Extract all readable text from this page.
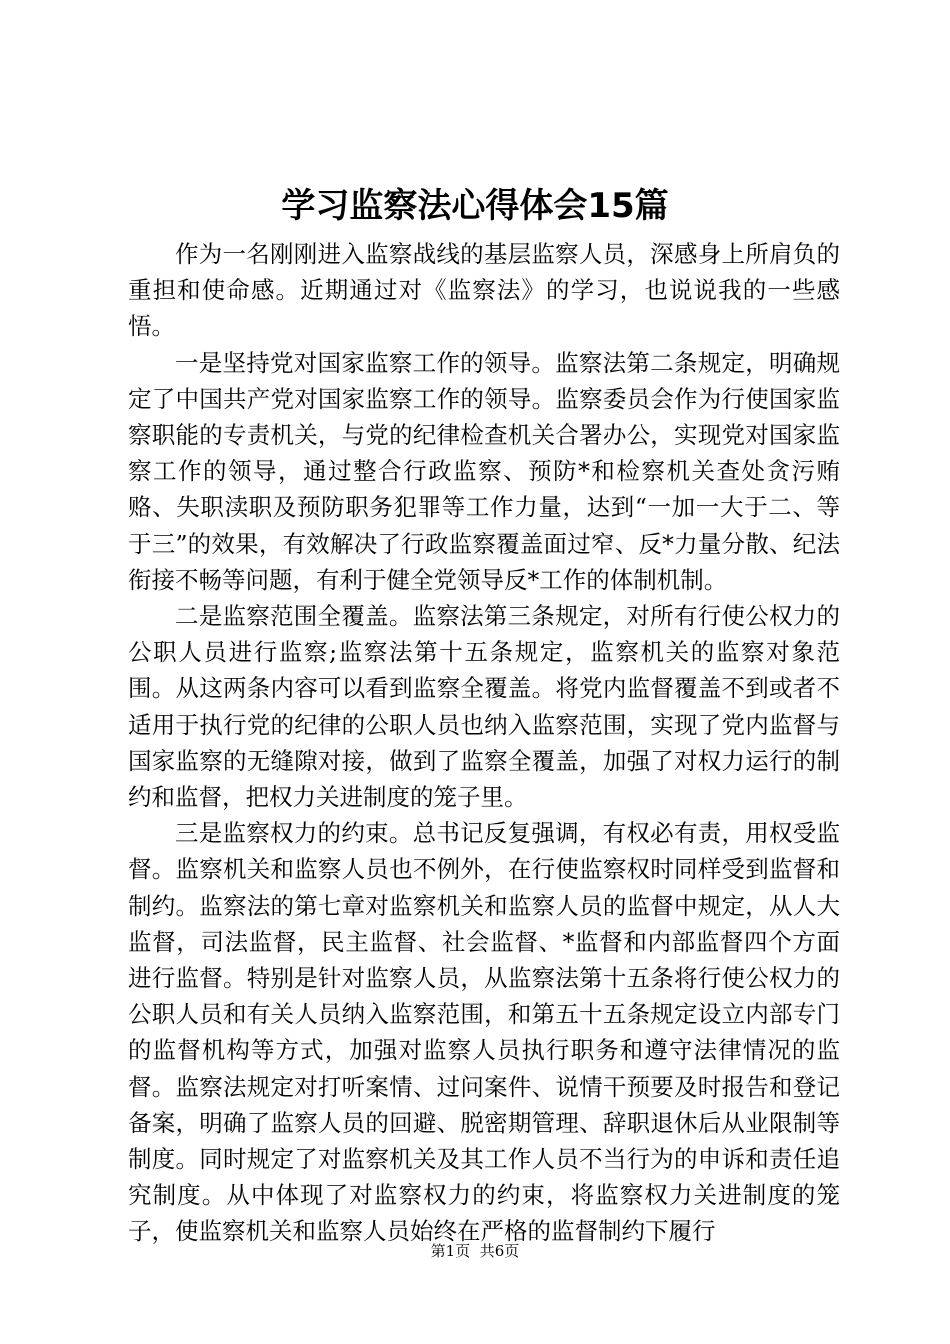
学习监察法心得体会15篇

作为一名刚刚进入监察战线的基层监察人员，深感身上所肩负的重担和使命感。近期通过对《监察法》的学习，也说说我的一些感悟。

一是坚持党对国家监察工作的领导。监察法第二条规定，明确规定了中国共产党对国家监察工作的领导。监察委员会作为行使国家监察职能的专责机关，与党的纪律检查机关合署办公，实现党对国家监察工作的领导，通过整合行政监察、预防*和检察机关查处贪污贿赂、失职渎职及预防职务犯罪等工作力量，达到“一加一大于二、等于三”的效果，有效解决了行政监察覆盖面过窄、反*力量分散、纪法衔接不畅等问题，有利于健全党领导反*工作的体制机制。

二是监察范围全覆盖。监察法第三条规定，对所有行使公权力的公职人员进行监察;监察法第十五条规定，监察机关的监察对象范围。从这两条内容可以看到监察全覆盖。将党内监督覆盖不到或者不适用于执行党的纪律的公职人员也纳入监察范围，实现了党内监督与国家监察的无缝隙对接，做到了监察全覆盖，加强了对权力运行的制约和监督，把权力关进制度的笼子里。

三是监察权力的约束。总书记反复强调，有权必有责，用权受监督。监察机关和监察人员也不例外，在行使监察权时同样受到监督和制约。监察法的第七章对监察机关和监察人员的监督中规定，从人大监督，司法监督，民主监督、社会监督、*监督和内部监督四个方面进行监督。特别是针对监察人员，从监察法第十五条将行使公权力的公职人员和有关人员纳入监察范围，和第五十五条规定设立内部专门的监督机构等方式，加强对监察人员执行职务和遵守法律情况的监督。监察法规定对打听案情、过问案件、说情干预要及时报告和登记备案，明确了监察人员的回避、脱密期管理、辞职退休后从业限制等制度。同时规定了对监察机关及其工作人员不当行为的申诉和责任追究制度。从中体现了对监察权力的约束，将监察权力关进制度的笼子，使监察机关和监察人员始终在严格的监督制约下履行

第1页 共6页
